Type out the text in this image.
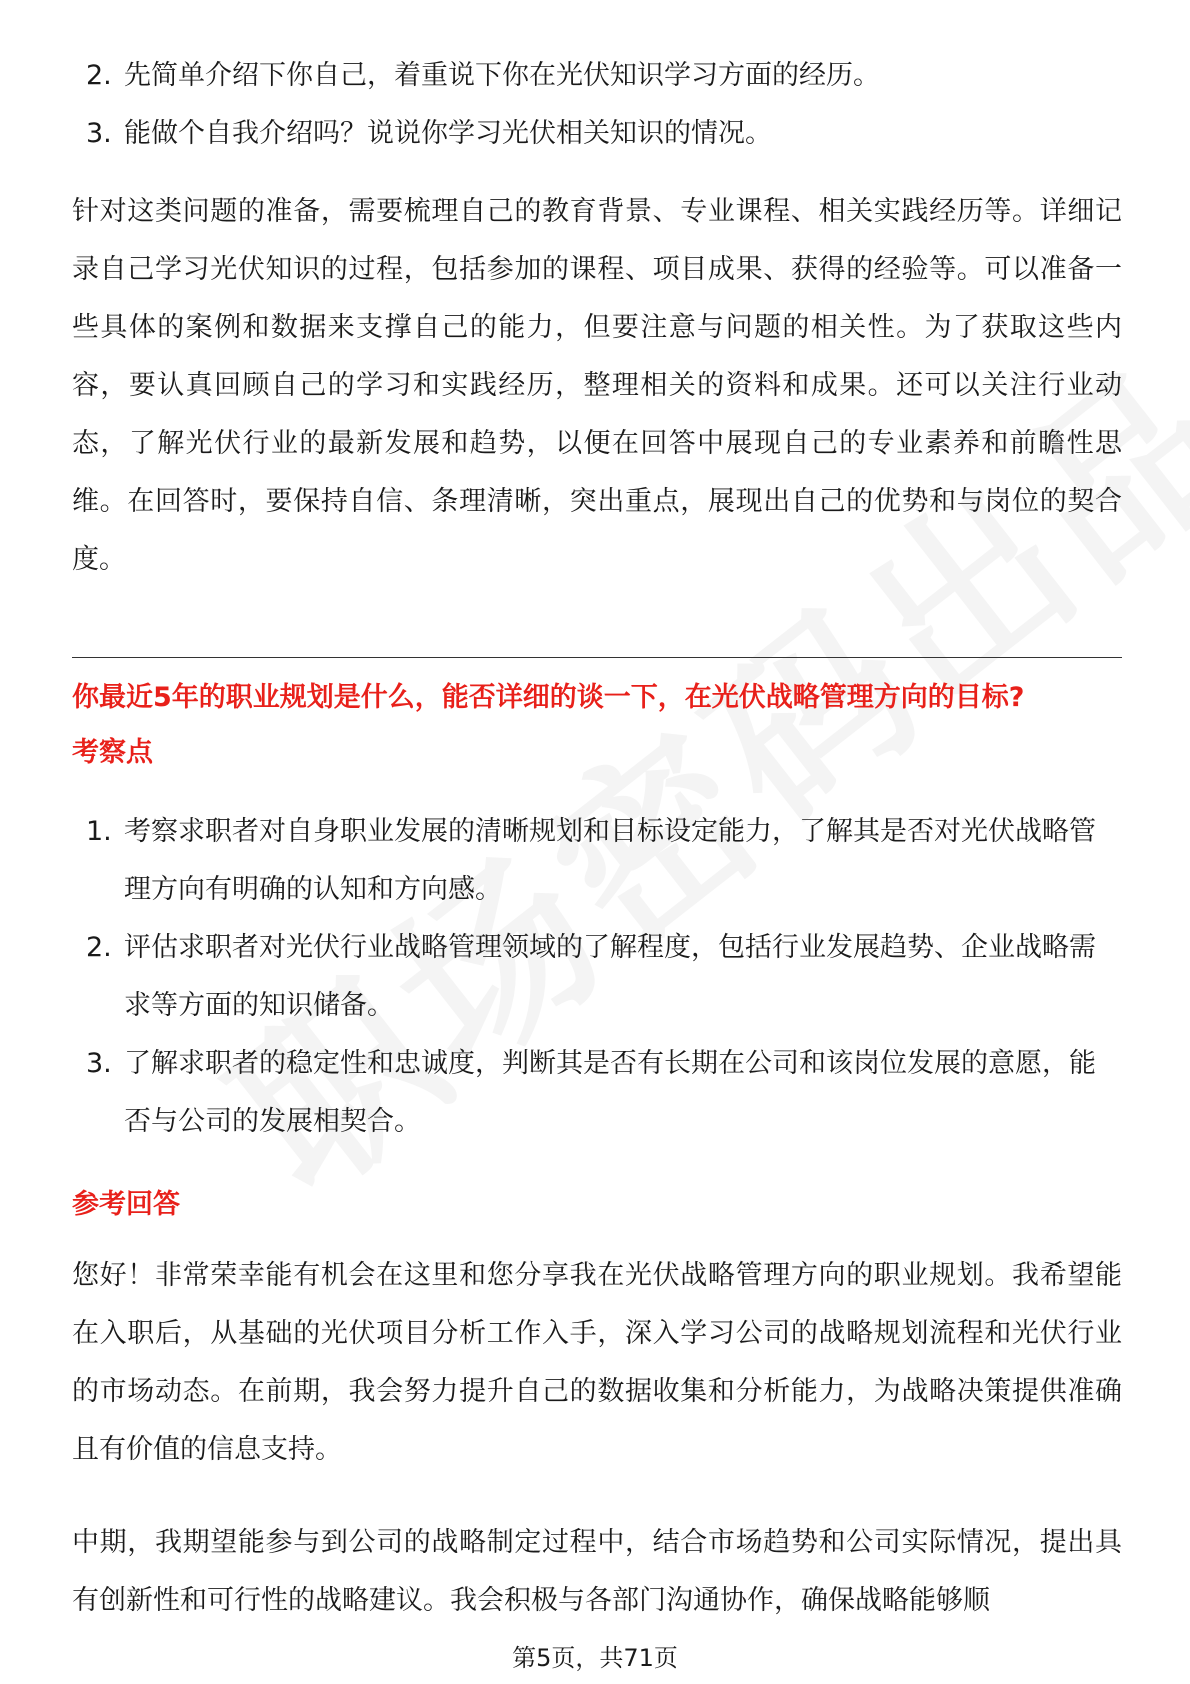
2. 先简单介绍下你自己，着重说下你在光伏知识学习方面的经历。
3. 能做个自我介绍吗？说说你学习光伏相关知识的情况。
针对这类问题的准备，需要梳理自己的教育背景、专业课程、相关实践经历等。详细记录自己学习光伏知识的过程，包括参加的课程、项目成果、获得的经验等。可以准备一些具体的案例和数据来支撑自己的能力，但要注意与问题的相关性。为了获取这些内容，要认真回顾自己的学习和实践经历，整理相关的资料和成果。还可以关注行业动态，了解光伏行业的最新发展和趋势，以便在回答中展现自己的专业素养和前瞻性思维。在回答时，要保持自信、条理清晰，突出重点，展现出自己的优势和与岗位的契合度。
你最近5年的职业规划是什么，能否详细的谈一下，在光伏战略管理方向的目标?
考察点
1. 考察求职者对自身职业发展的清晰规划和目标设定能力，了解其是否对光伏战略管理方向有明确的认知和方向感。
2. 评估求职者对光伏行业战略管理领域的了解程度，包括行业发展趋势、企业战略需求等方面的知识储备。
3. 了解求职者的稳定性和忠诚度，判断其是否有长期在公司和该岗位发展的意愿，能否与公司的发展相契合。
参考回答
您好！非常荣幸能有机会在这里和您分享我在光伏战略管理方向的职业规划。我希望能在入职后，从基础的光伏项目分析工作入手，深入学习公司的战略规划流程和光伏行业的市场动态。在前期，我会努力提升自己的数据收集和分析能力，为战略决策提供准确且有价值的信息支持。
中期，我期望能参与到公司的战略制定过程中，结合市场趋势和公司实际情况，提出具有创新性和可行性的战略建议。我会积极与各部门沟通协作，确保战略能够顺
第5页，共71页
